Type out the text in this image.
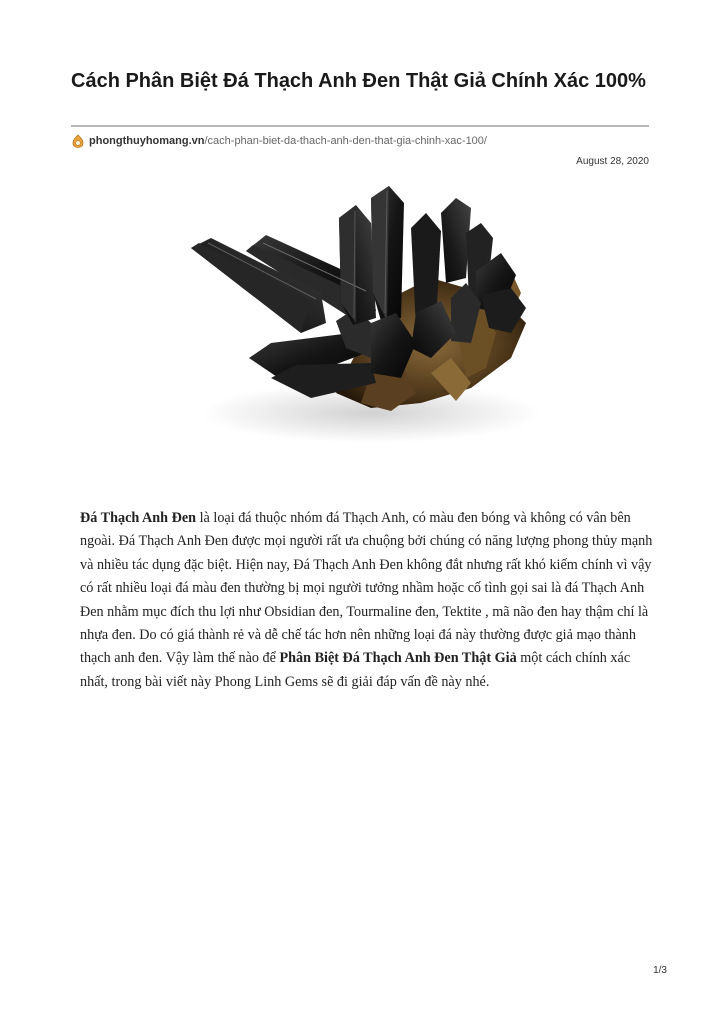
Cách Phân Biệt Đá Thạch Anh Đen Thật Giả Chính Xác 100%
phongthuyhomang.vn /cach-phan-biet-da-thach-anh-den-that-gia-chinh-xac-100/
August 28, 2020

Đá Thạch Anh Đen là loại đá thuộc nhóm đá Thạch Anh, có màu đen bóng và không có vân bên ngoài. Đá Thạch Anh Đen được mọi người rất ưa chuộng bởi chúng có năng lượng phong thủy mạnh và nhiều tác dụng đặc biệt. Hiện nay, Đá Thạch Anh Đen không đắt nhưng rất khó kiếm chính vì vậy có rất nhiều loại đá màu đen thường bị mọi người tưởng nhầm hoặc cố tình gọi sai là đá Thạch Anh Đen nhằm mục đích thu lợi như Obsidian đen, Tourmaline đen, Tektite , mã não đen hay thậm chí là nhựa đen. Do có giá thành rẻ và dễ chế tác hơn nên những loại đá này thường được giả mạo thành thạch anh đen. Vậy làm thế nào để Phân Biệt Đá Thạch Anh Đen Thật Giả một cách chính xác nhất, trong bài viết này Phong Linh Gems sẽ đi giải đáp vấn đề này nhé.

1/3
